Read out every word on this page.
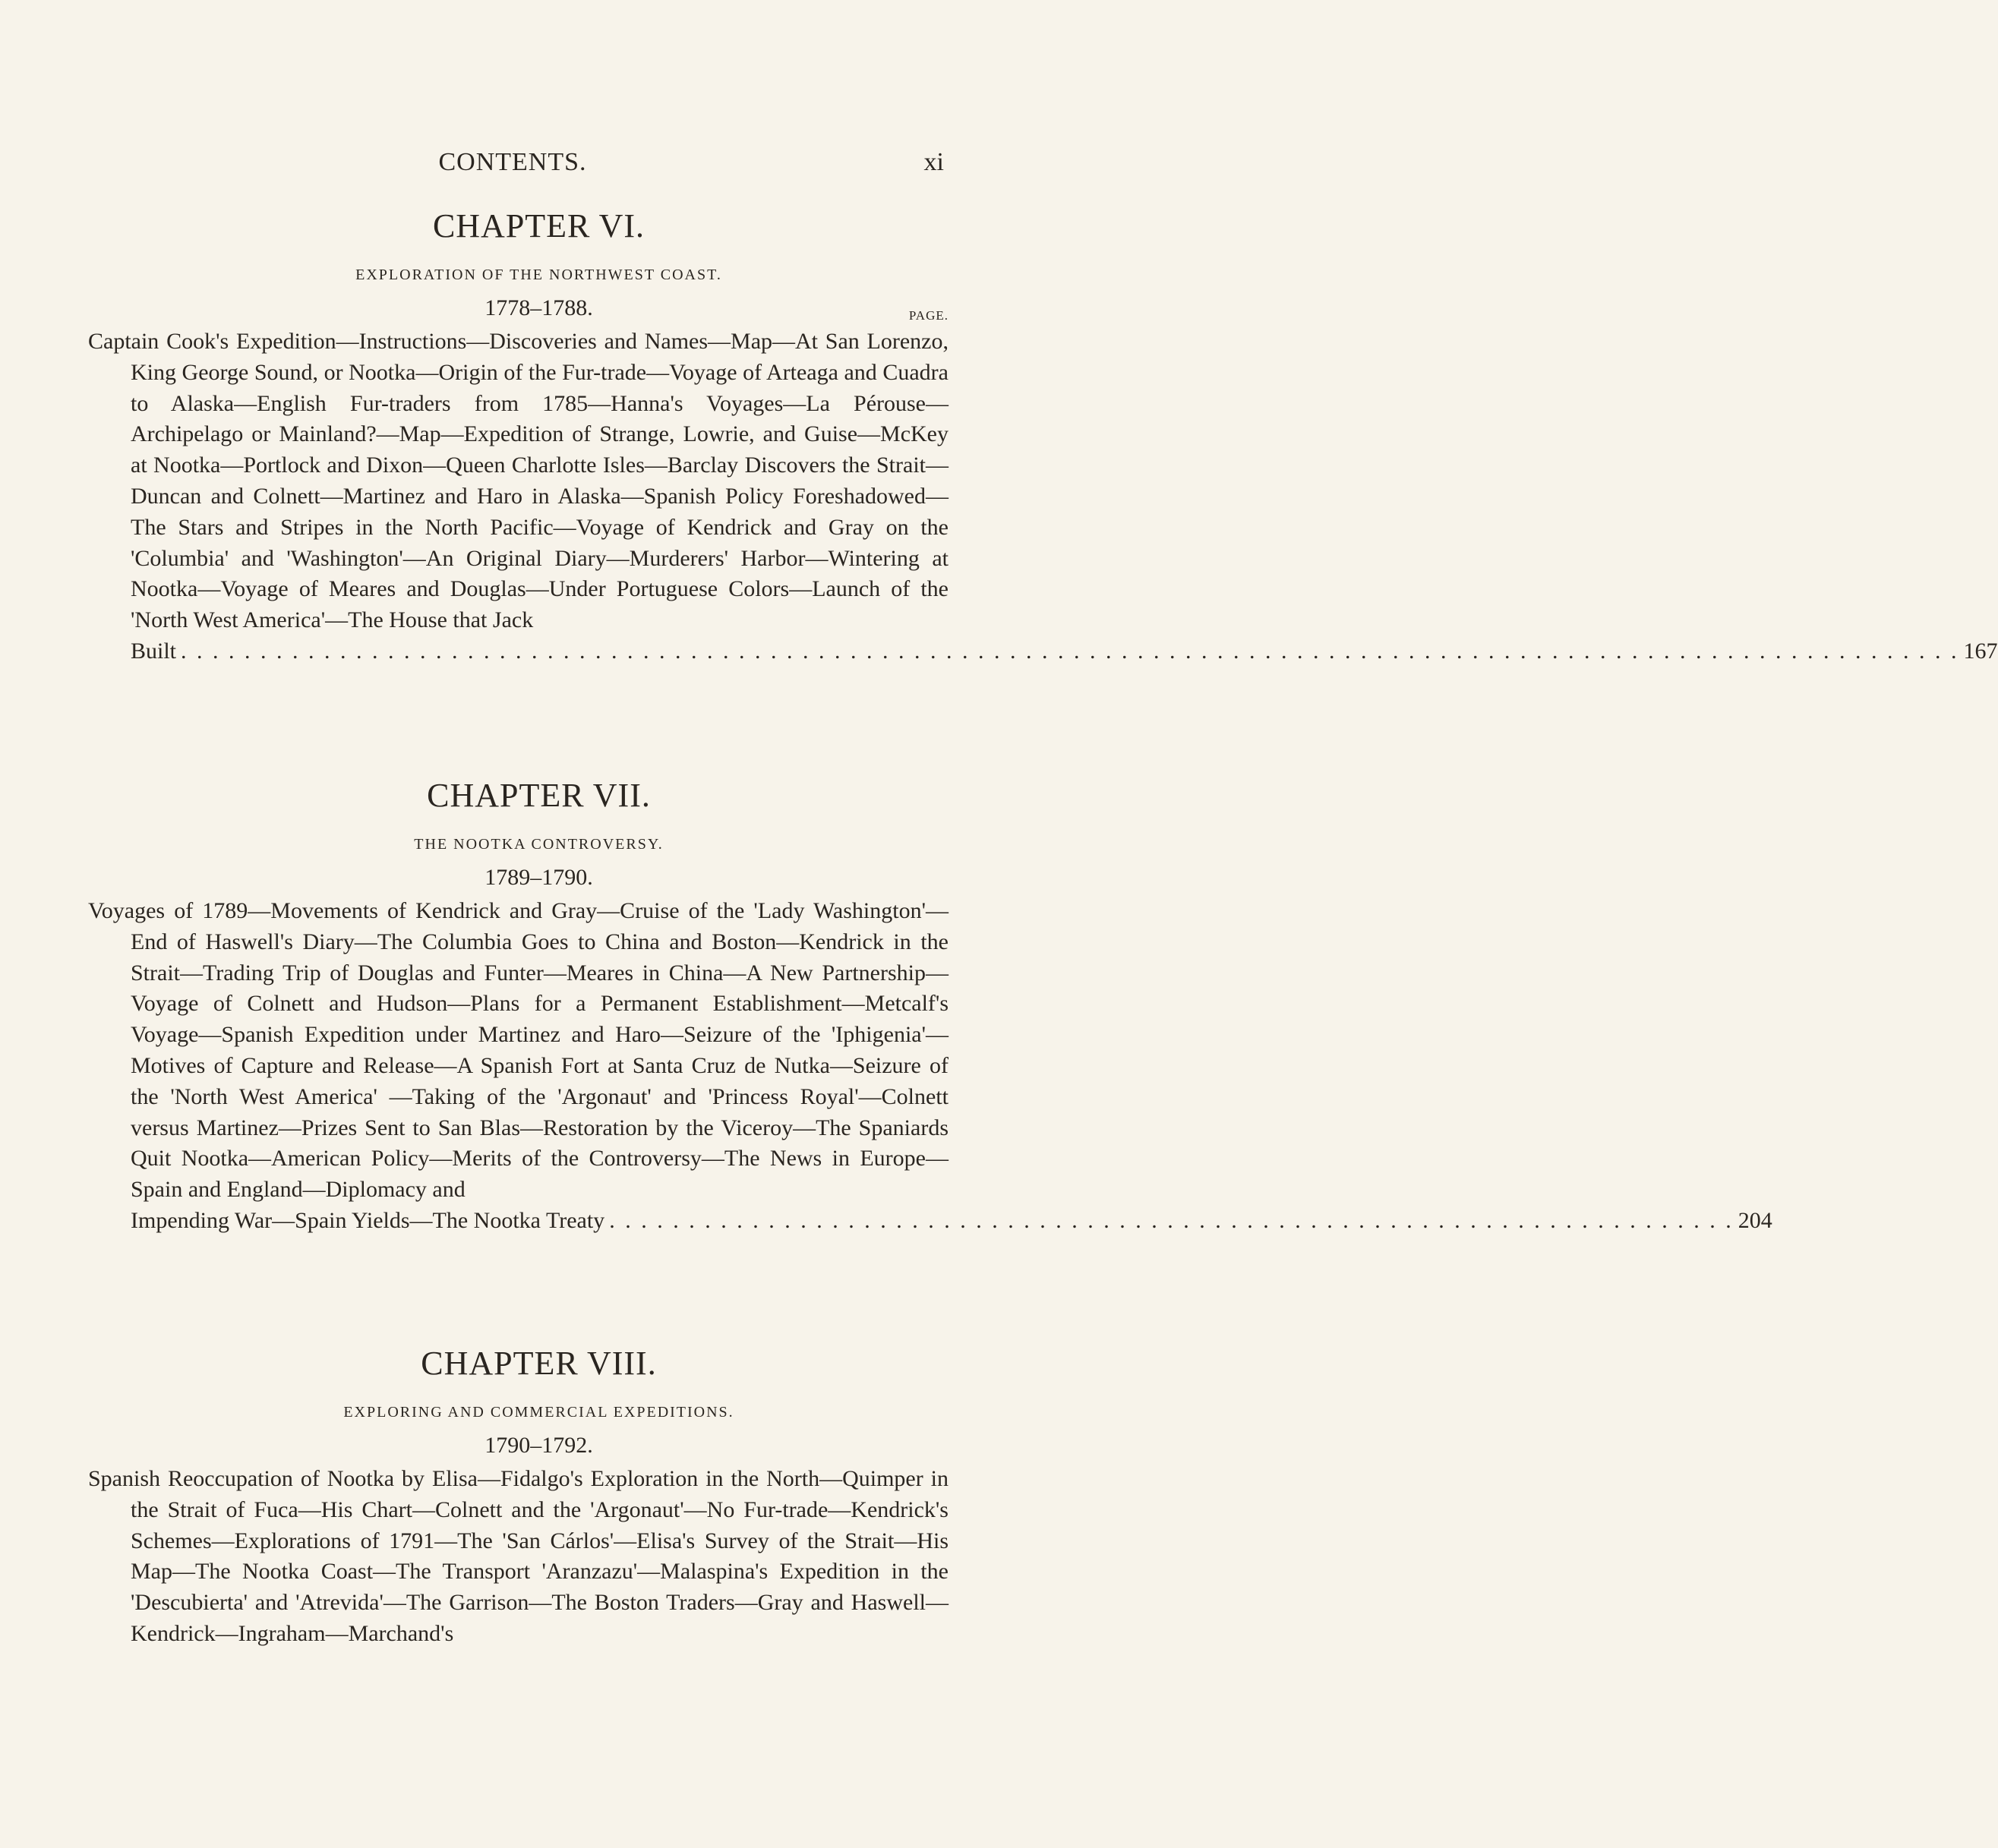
CONTENTS.	xi
CHAPTER VI.
EXPLORATION OF THE NORTHWEST COAST.
1778–1788.	PAGE.
Captain Cook's Expedition—Instructions—Discoveries and Names—Map—At San Lorenzo, King George Sound, or Nootka—Origin of the Fur-trade—Voyage of Arteaga and Cuadra to Alaska—English Fur-traders from 1785—Hanna's Voyages—La Pérouse—Archipelago or Mainland?—Map—Expedition of Strange, Lowrie, and Guise—McKey at Nootka—Portlock and Dixon—Queen Charlotte Isles—Barclay Discovers the Strait—Duncan and Colnett—Martinez and Haro in Alaska—Spanish Policy Foreshadowed—The Stars and Stripes in the North Pacific—Voyage of Kendrick and Gray on the 'Columbia' and 'Washington'—An Original Diary—Murderers' Harbor—Wintering at Nootka—Voyage of Meares and Douglas—Under Portuguese Colors—Launch of the 'North West America'—The House that Jack
Built . . . . . . . . . . . . . . . . . . . . . . . . . . . . . . . . . . . . . . . . . . . . . . . . . . . . . . . . . . . . . . . . . . . . . . . . . . . . . . . . . . . . . . . . . . . . . . . . . . . . . . . . . . . . . . . . 167
CHAPTER VII.
THE NOOTKA CONTROVERSY.
1789–1790.
Voyages of 1789—Movements of Kendrick and Gray—Cruise of the 'Lady Washington'—End of Haswell's Diary—The Columbia Goes to China and Boston—Kendrick in the Strait—Trading Trip of Douglas and Funter—Meares in China—A New Partnership—Voyage of Colnett and Hudson—Plans for a Permanent Establishment—Metcalf's Voyage—Spanish Expedition under Martinez and Haro—Seizure of the 'Iphigenia'—Motives of Capture and Release—A Spanish Fort at Santa Cruz de Nutka—Seizure of the 'North West America' —Taking of the 'Argonaut' and 'Princess Royal'—Colnett versus Martinez—Prizes Sent to San Blas—Restoration by the Viceroy—The Spaniards Quit Nootka—American Policy—Merits of the Controversy—The News in Europe—Spain and England—Diplomacy and
Impending War—Spain Yields—The Nootka Treaty . . . . . . . . . . . . . . . . . . . . . . . . . . . . . . . . . . . . . . . . . . . . . . . . . . . . . . . . . . . . . . . . . . . . . . . 204
CHAPTER VIII.
EXPLORING AND COMMERCIAL EXPEDITIONS.
1790–1792.
Spanish Reoccupation of Nootka by Elisa—Fidalgo's Exploration in the North—Quimper in the Strait of Fuca—His Chart—Colnett and the 'Argonaut'—No Fur-trade—Kendrick's Schemes—Explorations of 1791—The 'San Cárlos'—Elisa's Survey of the Strait—His Map—The Nootka Coast—The Transport 'Aranzazu'—Malaspina's Expedition in the 'Descubierta' and 'Atrevida'—The Garrison—The Boston Traders—Gray and Haswell—Kendrick—Ingraham—Marchand's
